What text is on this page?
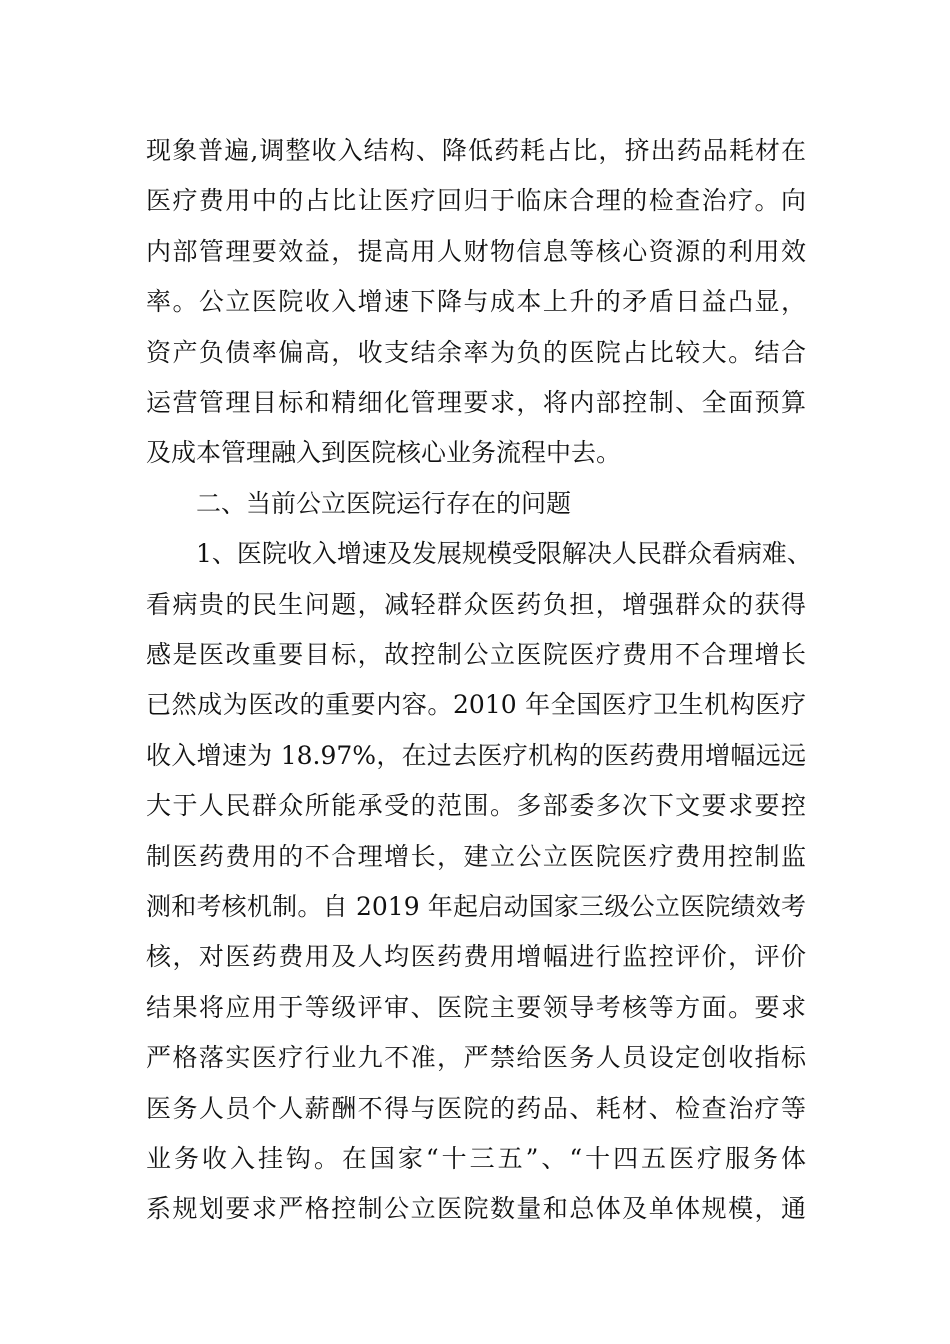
现象普遍,调整收入结构、降低药耗占比，挤出药品耗材在
医疗费用中的占比让医疗回归于临床合理的检查治疗。向
内部管理要效益，提高用人财物信息等核心资源的利用效
率。公立医院收入增速下降与成本上升的矛盾日益凸显，
资产负债率偏高，收支结余率为负的医院占比较大。结合
运营管理目标和精细化管理要求，将内部控制、全面预算
及成本管理融入到医院核心业务流程中去。
二、当前公立医院运行存在的问题
1、医院收入增速及发展规模受限解决人民群众看病难、
看病贵的民生问题，减轻群众医药负担，增强群众的获得
感是医改重要目标，故控制公立医院医疗费用不合理增长
已然成为医改的重要内容。2010 年全国医疗卫生机构医疗
收入增速为 18.97%，在过去医疗机构的医药费用增幅远远
大于人民群众所能承受的范围。多部委多次下文要求要控
制医药费用的不合理增长，建立公立医院医疗费用控制监
测和考核机制。自 2019 年起启动国家三级公立医院绩效考
核，对医药费用及人均医药费用增幅进行监控评价，评价
结果将应用于等级评审、医院主要领导考核等方面。要求
严格落实医疗行业九不准，严禁给医务人员设定创收指标
医务人员个人薪酬不得与医院的药品、耗材、检查治疗等
业务收入挂钩。在国家“十三五”、“十四五医疗服务体
系规划要求严格控制公立医院数量和总体及单体规模，通
